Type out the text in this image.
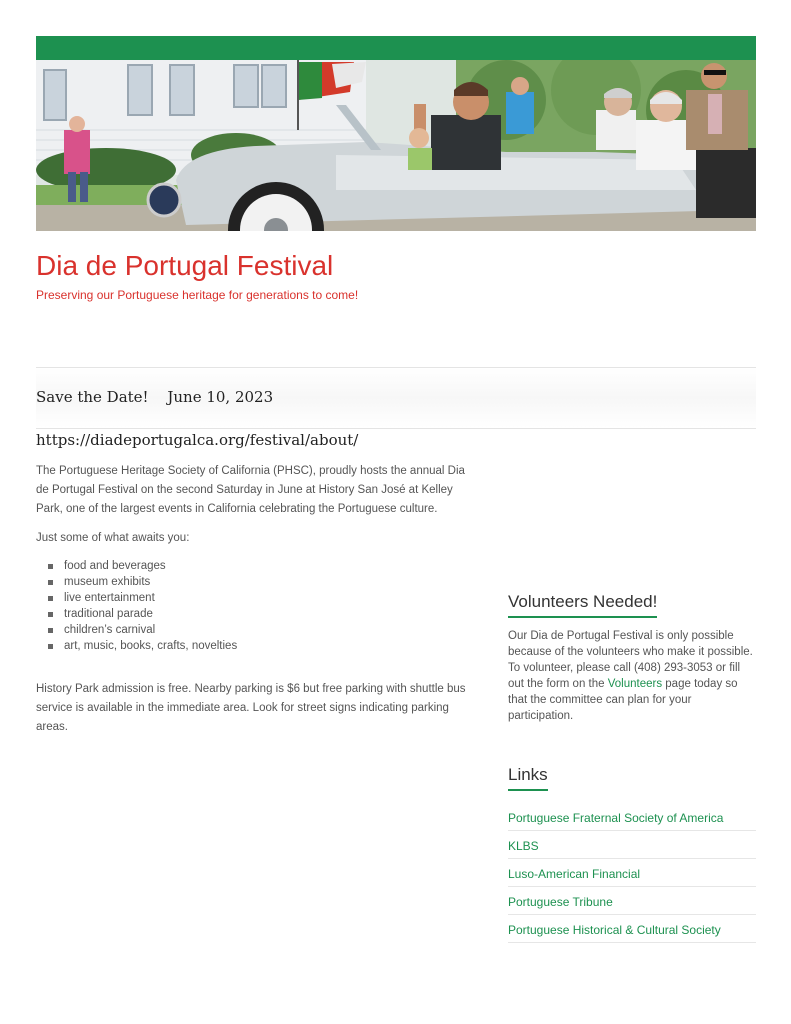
Dia de Portugal Festival
Preserving our Portuguese heritage for generations to come!
Save the Date! June 10, 2023
https://diadeportugalca.org/festival/about/

The Portuguese Heritage Society of California (PHSC), proudly hosts the annual Dia de Portugal Festival on the second Saturday in June at History San José at Kelley Park, one of the largest events in California celebrating the Portuguese culture.

Just some of what awaits you:

food and beverages
museum exhibits
live entertainment
traditional parade
children’s carnival
art, music, books, crafts, novelties

History Park admission is free. Nearby parking is $6 but free parking with shuttle bus service is available in the immediate area. Look for street signs indicating parking areas.

Volunteers Needed!
Our Dia de Portugal Festival is only possible because of the volunteers who make it possible. To volunteer, please call (408) 293-3053 or fill out the form on the Volunteers page today so that the committee can plan for your participation.
Links
Portuguese Fraternal Society of America
KLBS
Luso-American Financial
Portuguese Tribune
Portuguese Historical & Cultural Society
